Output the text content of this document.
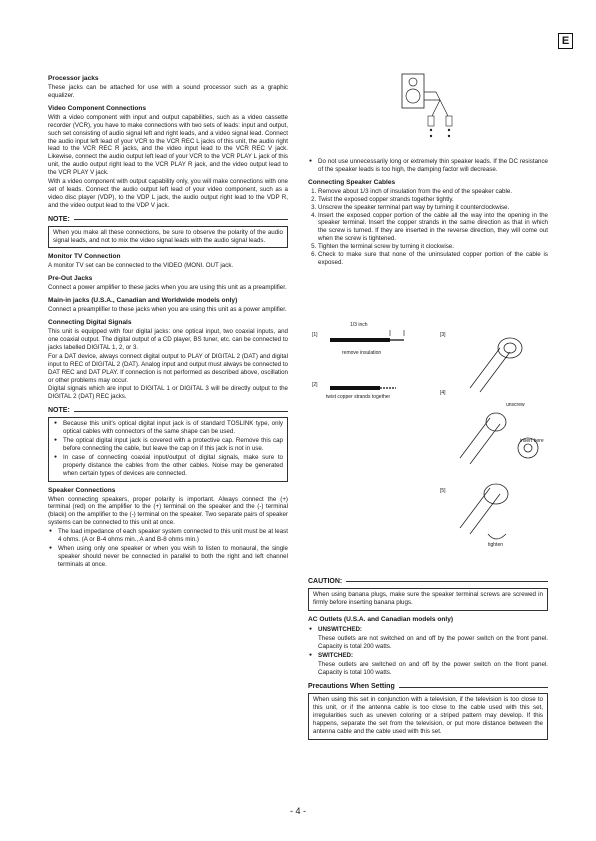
E
Processor jacks

These jacks can be attached for use with a sound processor such as a graphic equalizer.

Video Component Connections

With a video component with input and output capabilities, such as a video cassette recorder (VCR), you have to make connections with two sets of leads: input and output, such set consisting of audio signal left and right leads, and a video signal lead. Connect the audio input left lead of your VCR to the VCR REC L jacks of this unit, the audio right lead to the VCR REC R jacks, and the video input lead to the VCR REC V jack. Likewise, connect the audio output left lead of your VCR to the VCR PLAY L jack of this unit, the audio output right lead to the VCR PLAY R jack, and the video output lead to the VCR PLAY V jack.

With a video component with output capability only, you will make connections with one set of leads. Connect the audio output left lead of your video component, such as a video disc player (VDP), to the VDP L jack, the audio output right lead to the VDP R, and the video output lead to the VDP V jack.

NOTE:

When you make all these connections, be sure to observe the polarity of the audio signal leads, and not to mix the video signal leads with the audio signal leads.

Monitor TV Connection

A monitor TV set can be connected to the VIDEO (MONI. OUT jack.

Pre-Out Jacks

Connect a power amplifier to these jacks when you are using this unit as a preamplifier.

Main-in jacks (U.S.A., Canadian and Worldwide models only)

Connect a preamplifier to these jacks when you are using this unit as a power amplifier.

Connecting Digital Signals

This unit is equipped with four digital jacks: one optical input, two coaxial inputs, and one coaxial output. The digital output of a CD player, BS tuner, etc. can be connected to jacks labelled DIGITAL 1, 2, or 3.

For a DAT device, always connect digital output to PLAY of DIGITAL 2 (DAT) and digital input to REC of DIGITAL 2 (DAT). Analog input and output must always be connected to DAT REC and DAT PLAY. If connection is not performed as described above, oscillation or other problems may occur.

Digital signals which are input to DIGITAL 1 or DIGITAL 3 will be directly output to the DIGITAL 2 (DAT) REC jacks.

NOTE:
● Because this unit's optical digital input jack is of standard TOSLINK type, only optical cables with connectors of the same shape can be used.
● The optical digital input jack is covered with a protective cap. Remove this cap before connecting the cable, but leave the cap on if this jack is not in use.
● In case of connecting coaxial input/output of digital signals, make sure to properly distance the cables from the other cables. Noise may be generated when certain types of devices are connected.
Speaker Connections

When connecting speakers, proper polarity is important. Always connect the (+) terminal (red) on the amplifier to the (+) terminal on the speaker and the (-) terminal (black) on the amplifier to the (-) terminal on the speaker. Two separate pairs of speaker systems can be connected to this unit at once.

● The load impedance of each speaker system connected to this unit must be at least 4 ohms. (A or B-4 ohms min., A and B-8 ohms min.)
● When using only one speaker or when you wish to listen to monaural, the single speaker should never be connected in parallel to both the right and left channel terminals at once.
● Do not use unnecessarily long or extremely thin speaker leads. If the DC resistance of the speaker leads is too high, the damping factor will decrease.
Connecting Speaker Cables
1. Remove about 1/3 inch of insulation from the end of the speaker cable.
2. Twist the exposed copper strands together tightly.
3. Unscrew the speaker terminal part way by turning it counterclockwise.
4. Insert the exposed copper portion of the cable all the way into the opening in the speaker terminal. Insert the copper strands in the same direction as that in which the screw is turned. If they are inserted in the reverse direction, they will come out when the screw is tightened.
5. Tighten the terminal screw by turning it clockwise.
6. Check to make sure that none of the uninsulated copper portion of the cable is exposed.
[1]
1/3 inch
remove insulation
[2]
twist copper strands together
[3]
unscrew
[4]
insert here
[5]
tighten
CAUTION:

When using banana plugs, make sure the speaker terminal screws are screwed in firmly before inserting banana plugs.

AC Outlets (U.S.A. and Canadian models only)
● UNSWITCHED:

These outlets are not switched on and off by the power switch on the front panel. Capacity is total 200 watts.

● SWITCHED:

These outlets are switched on and off by the power switch on the front panel. Capacity is total 100 watts.

Precautions When Setting

When using this set in conjunction with a television, if the television is too close to this unit, or if the antenna cable is too close to the cable used with this set, irregularities such as uneven coloring or a striped pattern may develop. If this happens, separate the set from the television, or put more distance between the antenna cable and the cable used with this set.

- 4 -
